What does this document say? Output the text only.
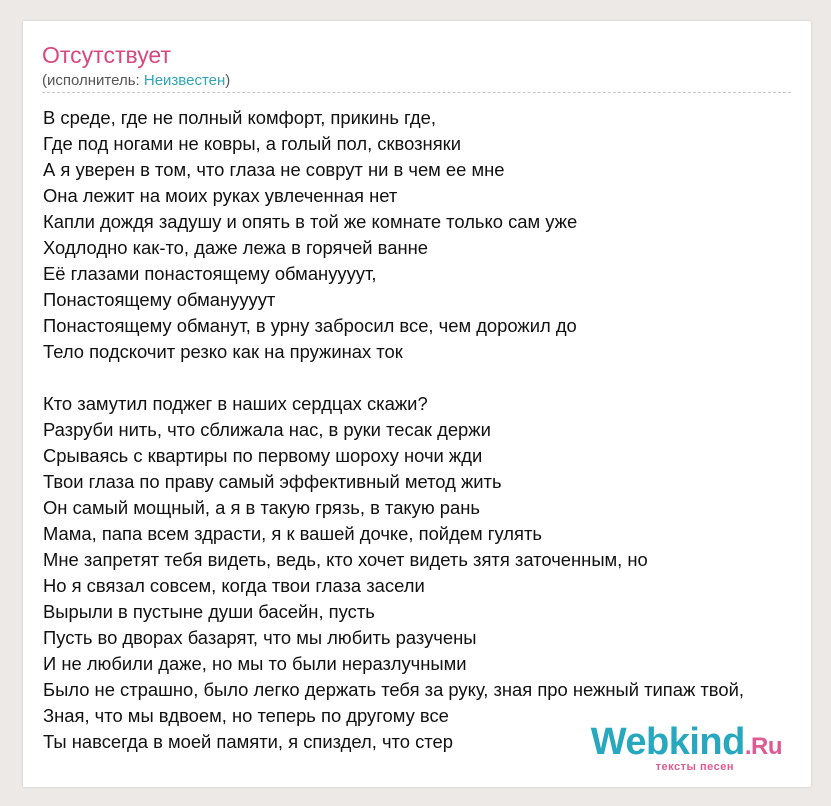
Отсутствует
(исполнитель: Неизвестен)
В среде, где не полный комфорт, прикинь где,
Где под ногами не ковры, а голый пол, сквозняки
А я уверен в том, что глаза не соврут ни в чем ее мне
Она лежит на моих руках увлеченная нет
Капли дождя задушу и опять в той же комнате только сам уже
Ходлодно как-то, даже лежа в горячей ванне
Её глазами понастоящему обмануууут,
Понастоящему обмануууут
Понастоящему обманут, в урну забросил все, чем дорожил до
Тело подскочит резко как на пружинах ток
Кто замутил поджег в наших сердцах скажи?
Разруби нить, что сближала нас, в руки тесак держи
Срываясь с квартиры по первому шороху ночи жди
Твои глаза по праву самый эффективный метод жить
Он самый мощный, а я в такую грязь, в такую рань
Мама, папа всем здрасти, я к вашей дочке, пойдем гулять
Мне запретят тебя видеть, ведь, кто хочет видеть зятя заточенным, но
Но я связал совсем, когда твои глаза засели
Вырыли в пустыне души басейн, пусть
Пусть во дворах базарят, что мы любить разучены
И не любили даже, но мы то были неразлучными
Было не страшно, было легко держать тебя за руку, зная про нежный типаж твой,
Зная, что мы вдвоем, но теперь по другому все
Ты навсегда в моей памяти, я спиздел, что стер	Webkind.Ru
тексты песен
